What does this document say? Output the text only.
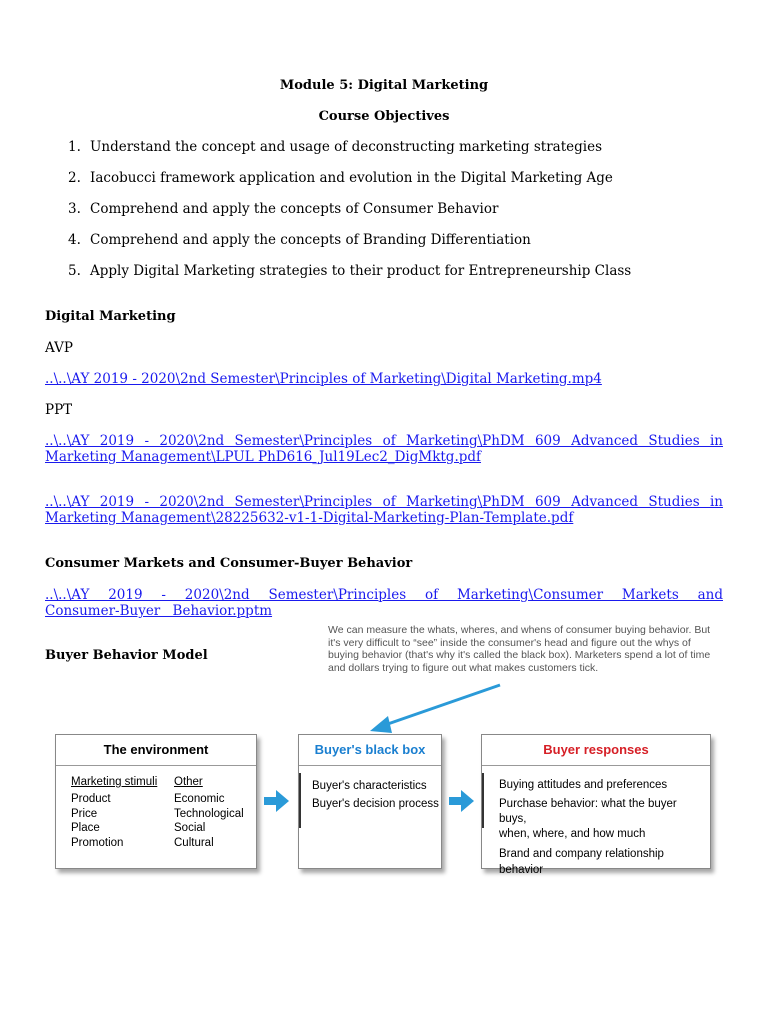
Module 5: Digital Marketing
Course Objectives
1. Understand the concept and usage of deconstructing marketing strategies
2. Iacobucci framework application and evolution in the Digital Marketing Age
3. Comprehend and apply the concepts of Consumer Behavior
4. Comprehend and apply the concepts of Branding Differentiation
5. Apply Digital Marketing strategies to their product for Entrepreneurship Class
Digital Marketing
AVP
..\..\AY 2019 - 2020\2nd Semester\Principles of Marketing\Digital Marketing.mp4
PPT
..\..\AY 2019 - 2020\2nd Semester\Principles of Marketing\PhDM 609 Advanced Studies in Marketing Management\LPUL PhD616_Jul19Lec2_DigMktg.pdf
..\..\AY 2019 - 2020\2nd Semester\Principles of Marketing\PhDM 609 Advanced Studies in Marketing Management\28225632-v1-1-Digital-Marketing-Plan-Template.pdf
Consumer Markets and Consumer-Buyer Behavior
..\..\AY 2019 - 2020\2nd Semester\Principles of Marketing\Consumer Markets and Consumer-Buyer Behavior.pptm
Buyer Behavior Model
We can measure the whats, wheres, and whens of consumer buying behavior. But it's very difficult to “see” inside the consumer's head and figure out the whys of buying behavior (that's why it's called the black box). Marketers spend a lot of time and dollars trying to figure out what makes customers tick.
The environment
Marketing stimuli
Product
Price
Place
Promotion
Other
Economic
Technological
Social
Cultural
Buyer's black box
Buyer's characteristics
Buyer's decision process
Buyer responses
Buying attitudes and preferences
Purchase behavior: what the buyer buys,
when, where, and how much
Brand and company relationship behavior
